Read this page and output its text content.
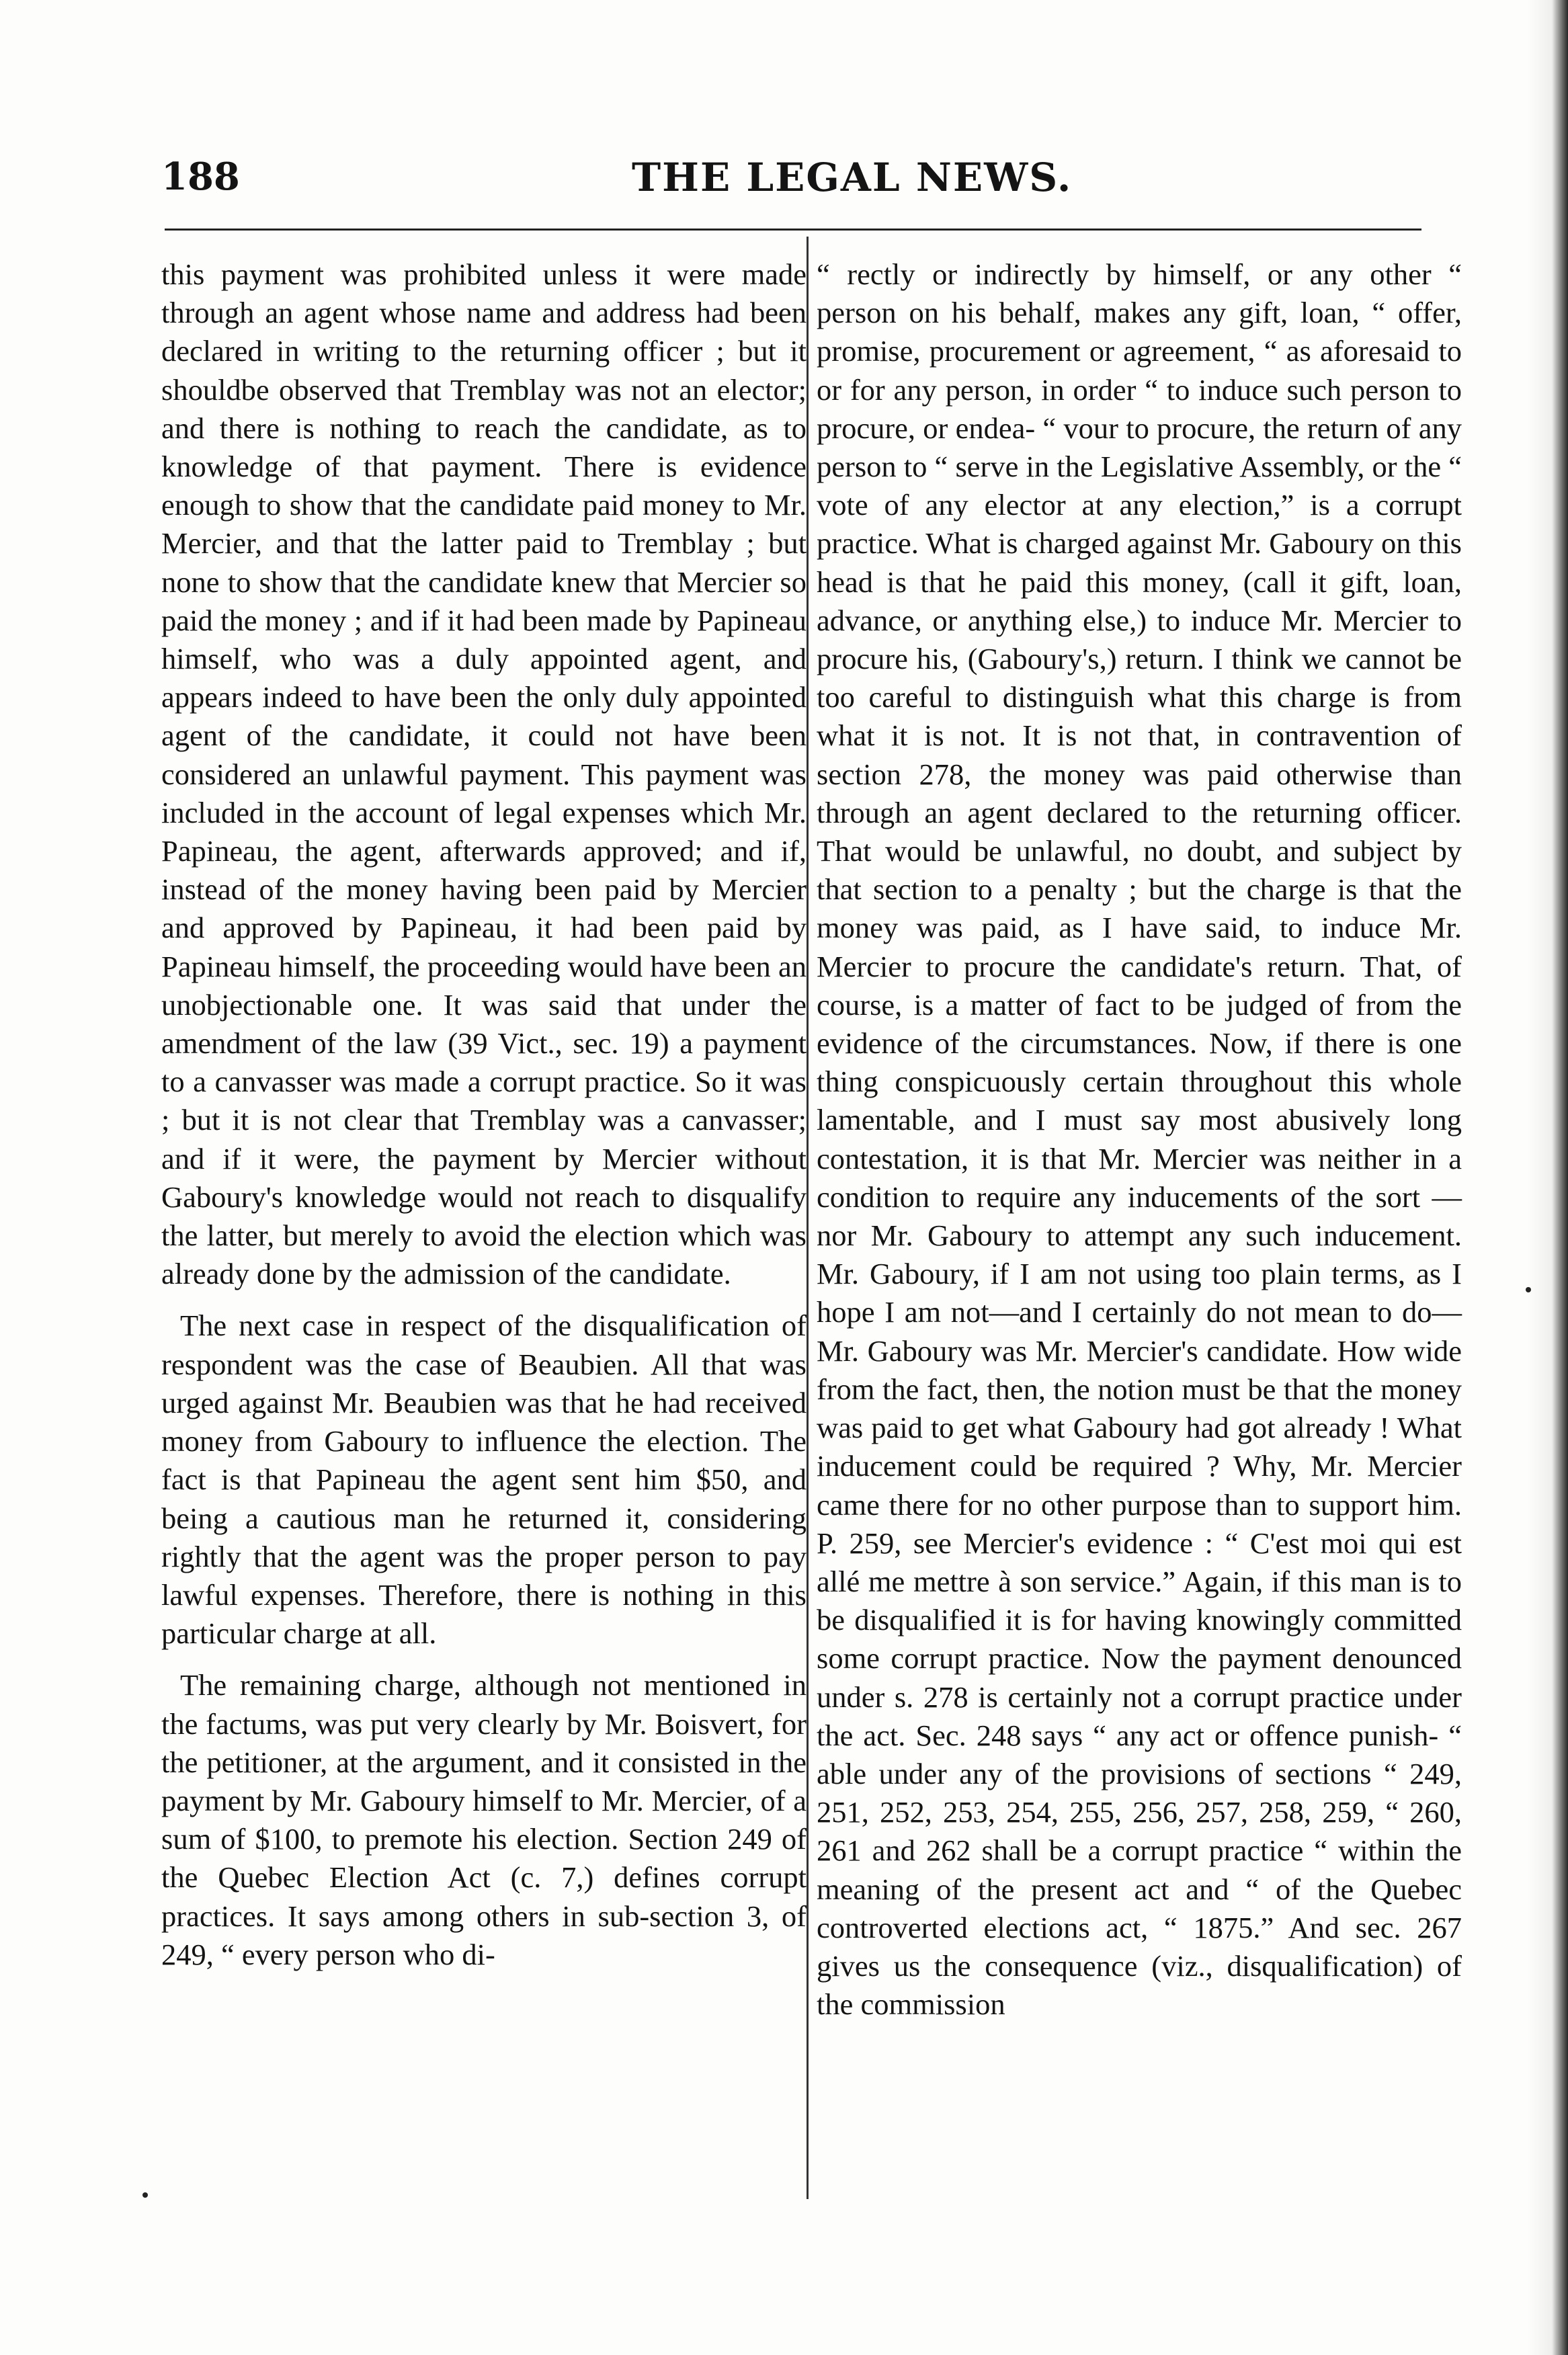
188	THE LEGAL NEWS.

this payment was prohibited unless it were made through an agent whose name and address had been declared in writing to the returning officer ; but it shouldbe observed that Tremblay was not an elector; and there is nothing to reach the candidate, as to knowledge of that payment. There is evidence enough to show that the candidate paid money to Mr. Mercier, and that the latter paid to Tremblay ; but none to show that the candidate knew that Mercier so paid the money ; and if it had been made by Papineau himself, who was a duly appointed agent, and appears indeed to have been the only duly appointed agent of the candidate, it could not have been considered an unlawful payment. This payment was included in the account of legal expenses which Mr. Papineau, the agent, afterwards approved; and if, instead of the money having been paid by Mercier and approved by Papineau, it had been paid by Papineau himself, the proceeding would have been an unobjectionable one. It was said that under the amendment of the law (39 Vict., sec. 19) a payment to a canvasser was made a corrupt practice. So it was ; but it is not clear that Tremblay was a canvasser; and if it were, the payment by Mercier without Gaboury's knowledge would not reach to disqualify the latter, but merely to avoid the election which was already done by the admission of the candidate.

The next case in respect of the disqualification of respondent was the case of Beaubien. All that was urged against Mr. Beaubien was that he had received money from Gaboury to influence the election. The fact is that Papineau the agent sent him $50, and being a cautious man he returned it, considering rightly that the agent was the proper person to pay lawful expenses. Therefore, there is nothing in this particular charge at all.

The remaining charge, although not mentioned in the factums, was put very clearly by Mr. Boisvert, for the petitioner, at the argument, and it consisted in the payment by Mr. Gaboury himself to Mr. Mercier, of a sum of $100, to premote his election. Section 249 of the Quebec Election Act (c. 7,) defines corrupt practices. It says among others in sub-section 3, of 249, “ every person who di-

“ rectly or indirectly by himself, or any other “ person on his behalf, makes any gift, loan, “ offer, promise, procurement or agreement, “ as aforesaid to or for any person, in order “ to induce such person to procure, or endea- “ vour to procure, the return of any person to “ serve in the Legislative Assembly, or the “ vote of any elector at any election,” is a corrupt practice. What is charged against Mr. Gaboury on this head is that he paid this money, (call it gift, loan, advance, or anything else,) to induce Mr. Mercier to procure his, (Gaboury's,) return. I think we cannot be too careful to distinguish what this charge is from what it is not. It is not that, in contravention of section 278, the money was paid otherwise than through an agent declared to the returning officer. That would be unlawful, no doubt, and subject by that section to a penalty ; but the charge is that the money was paid, as I have said, to induce Mr. Mercier to procure the candidate's return. That, of course, is a matter of fact to be judged of from the evidence of the circumstances. Now, if there is one thing conspicuously certain throughout this whole lamentable, and I must say most abusively long contestation, it is that Mr. Mercier was neither in a condition to require any inducements of the sort — nor Mr. Gaboury to attempt any such inducement. Mr. Gaboury, if I am not using too plain terms, as I hope I am not—and I certainly do not mean to do— Mr. Gaboury was Mr. Mercier's candidate. How wide from the fact, then, the notion must be that the money was paid to get what Gaboury had got already ! What inducement could be required ? Why, Mr. Mercier came there for no other purpose than to support him. P. 259, see Mercier's evidence : “ C'est moi qui est allé me mettre à son service.” Again, if this man is to be disqualified it is for having knowingly committed some corrupt practice. Now the payment denounced under s. 278 is certainly not a corrupt practice under the act. Sec. 248 says “ any act or offence punish- “ able under any of the provisions of sections “ 249, 251, 252, 253, 254, 255, 256, 257, 258, 259, “ 260, 261 and 262 shall be a corrupt practice “ within the meaning of the present act and “ of the Quebec controverted elections act, “ 1875.” And sec. 267 gives us the consequence (viz., disqualification) of the commission
